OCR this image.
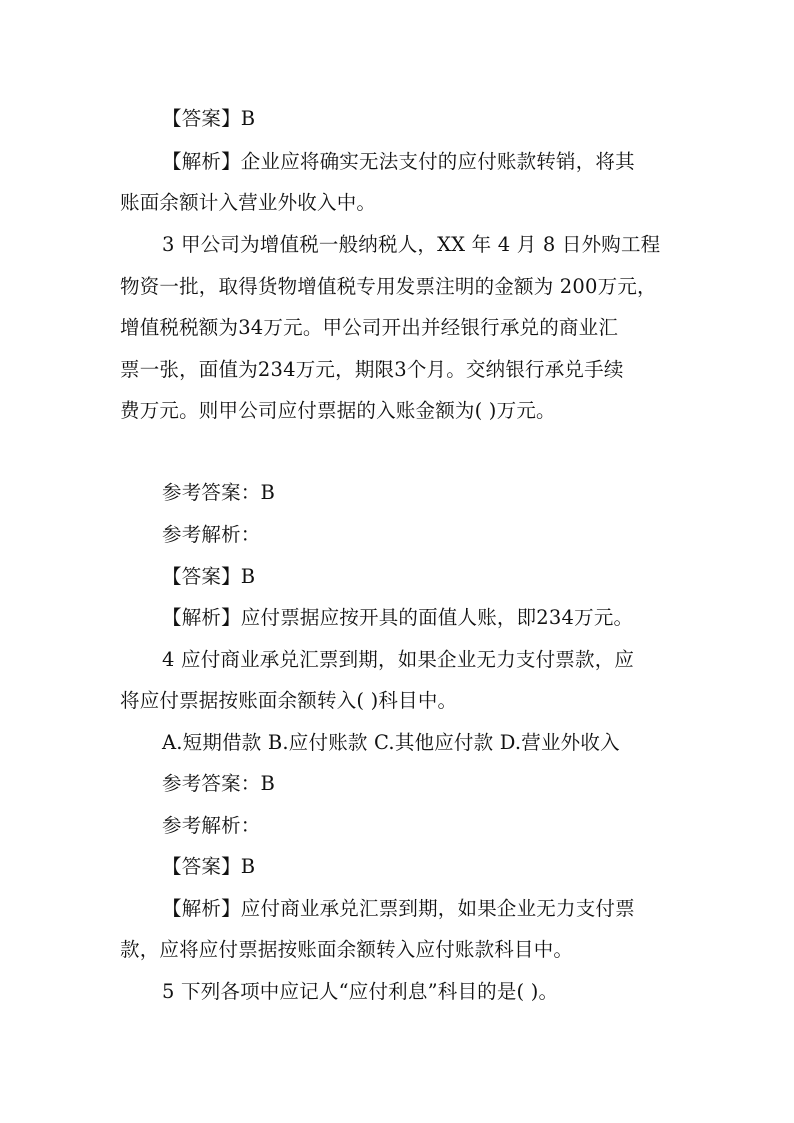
【答案】B
【解析】企业应将确实无法支付的应付账款转销，将其
账面余额计入营业外收入中。
3 甲公司为增值税一般纳税人，XX 年 4 月 8 日外购工程
物资一批，取得货物增值税专用发票注明的金额为 200万元，
增值税税额为34万元。甲公司开出并经银行承兑的商业汇
票一张，面值为234万元，期限3个月。交纳银行承兑手续
费万元。则甲公司应付票据的入账金额为( )万元。
参考答案：B
参考解析：
【答案】B
【解析】应付票据应按开具的面值人账，即234万元。
4 应付商业承兑汇票到期，如果企业无力支付票款，应
将应付票据按账面余额转入( )科目中。
A.短期借款 B.应付账款 C.其他应付款 D.营业外收入
参考答案：B
参考解析：
【答案】B
【解析】应付商业承兑汇票到期，如果企业无力支付票
款，应将应付票据按账面余额转入应付账款科目中。
5 下列各项中应记人“应付利息”科目的是( )。
